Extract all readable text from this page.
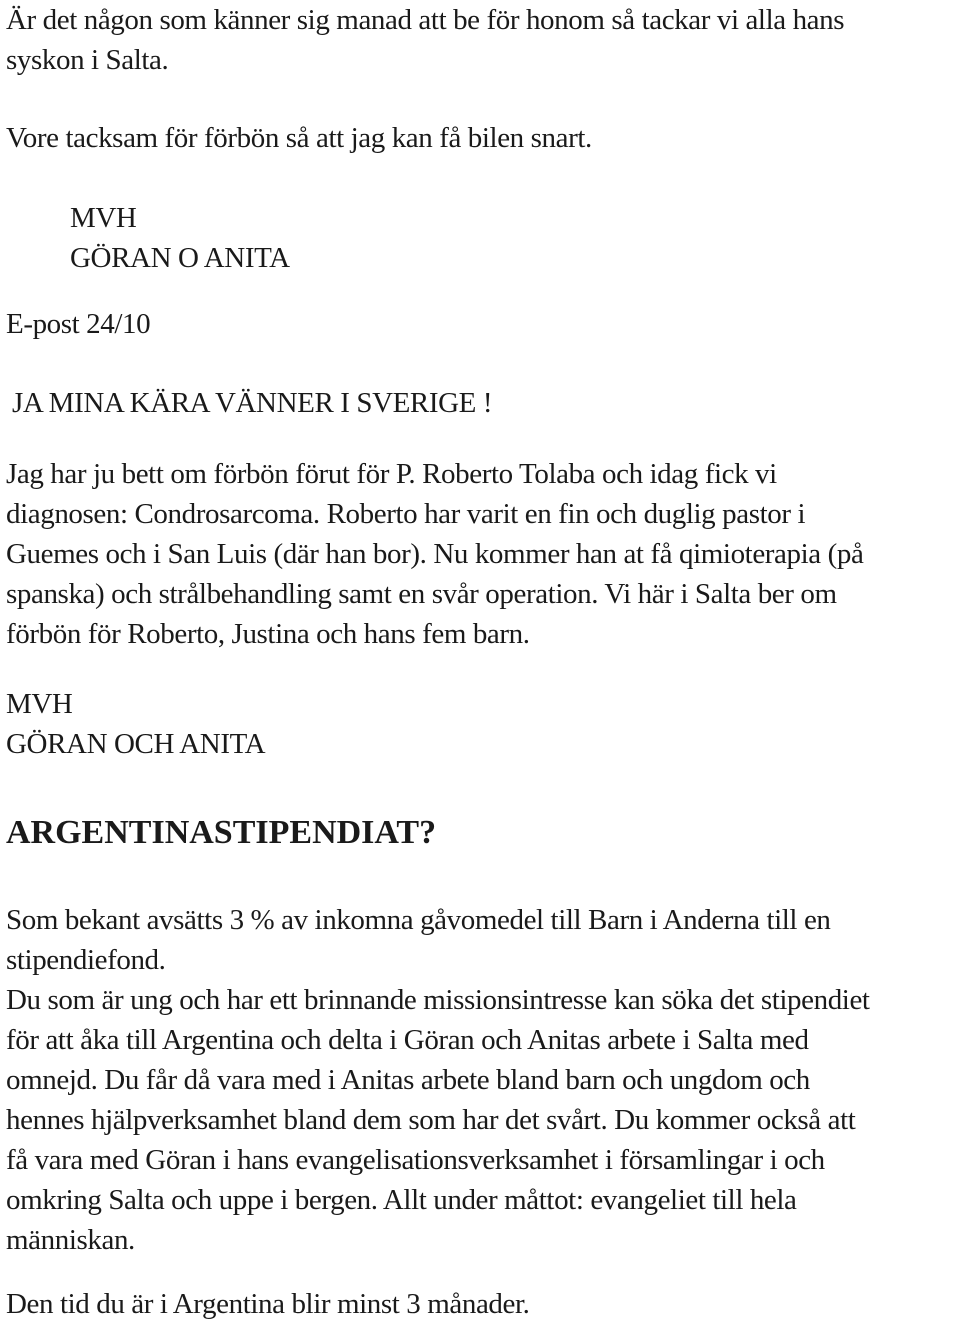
Är det någon som känner sig manad att be för honom så tackar vi alla hans
syskon i Salta.
Vore tacksam för förbön så att jag kan få bilen snart.
MVH
GÖRAN O ANITA
E-post 24/10
JA MINA KÄRA VÄNNER I SVERIGE !
Jag har ju bett om förbön förut för P. Roberto Tolaba och idag fick vi
diagnosen: Condrosarcoma. Roberto har varit en fin och duglig pastor i
Guemes och i San Luis (där han bor). Nu kommer han at få qimioterapia (på
spanska) och strålbehandling samt en svår operation. Vi här i Salta ber om
förbön för Roberto, Justina och hans fem barn.
MVH
GÖRAN OCH ANITA
ARGENTINASTIPENDIAT?
Som bekant avsätts 3 % av inkomna gåvomedel till Barn i Anderna till en
stipendiefond.
Du som är ung och har ett brinnande missionsintresse kan söka det stipendiet
för att åka till Argentina och delta i Göran och Anitas arbete i Salta med
omnejd. Du får då vara med i Anitas arbete bland barn och ungdom och
hennes hjälpverksamhet bland dem som har det svårt. Du kommer också att
få vara med Göran i hans evangelisationsverksamhet i församlingar i och
omkring Salta och uppe i bergen. Allt under måttot: evangeliet till hela
människan.
Den tid du är i Argentina blir minst 3 månader.
